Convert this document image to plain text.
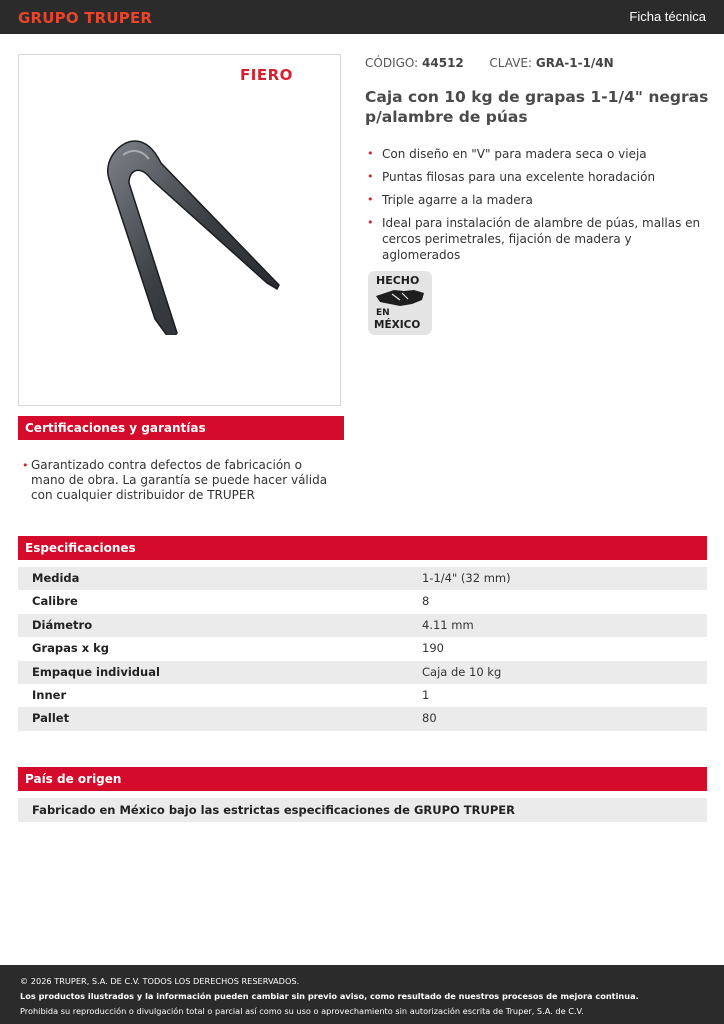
GRUPO TRUPER	Ficha técnica
FIERO
CÓDIGO: 44512 CLAVE: GRA-1-1/4N
Caja con 10 kg de grapas 1-1/4" negras p/alambre de púas
• Con diseño en "V" para madera seca o vieja
• Puntas filosas para una excelente horadación
• Triple agarre a la madera
• Ideal para instalación de alambre de púas, mallas en cercos perimetrales, fijación de madera y aglomerados
HECHO
EN
MÉXICO
Certificaciones y garantías
• Garantizado contra defectos de fabricación o mano de obra. La garantía se puede hacer válida con cualquier distribuidor de TRUPER
Especificaciones
Medida	1-1/4" (32 mm)
Calibre	8
Diámetro	4.11 mm
Grapas x kg	190
Empaque individual	Caja de 10 kg
Inner	1
Pallet	80
País de origen
Fabricado en México bajo las estrictas especificaciones de GRUPO TRUPER
© 2026 TRUPER, S.A. DE C.V. TODOS LOS DERECHOS RESERVADOS.
Los productos ilustrados y la información pueden cambiar sin previo aviso, como resultado de nuestros procesos de mejora continua.
Prohibida su reproducción o divulgación total o parcial así como su uso o aprovechamiento sin autorización escrita de Truper, S.A. de C.V.
